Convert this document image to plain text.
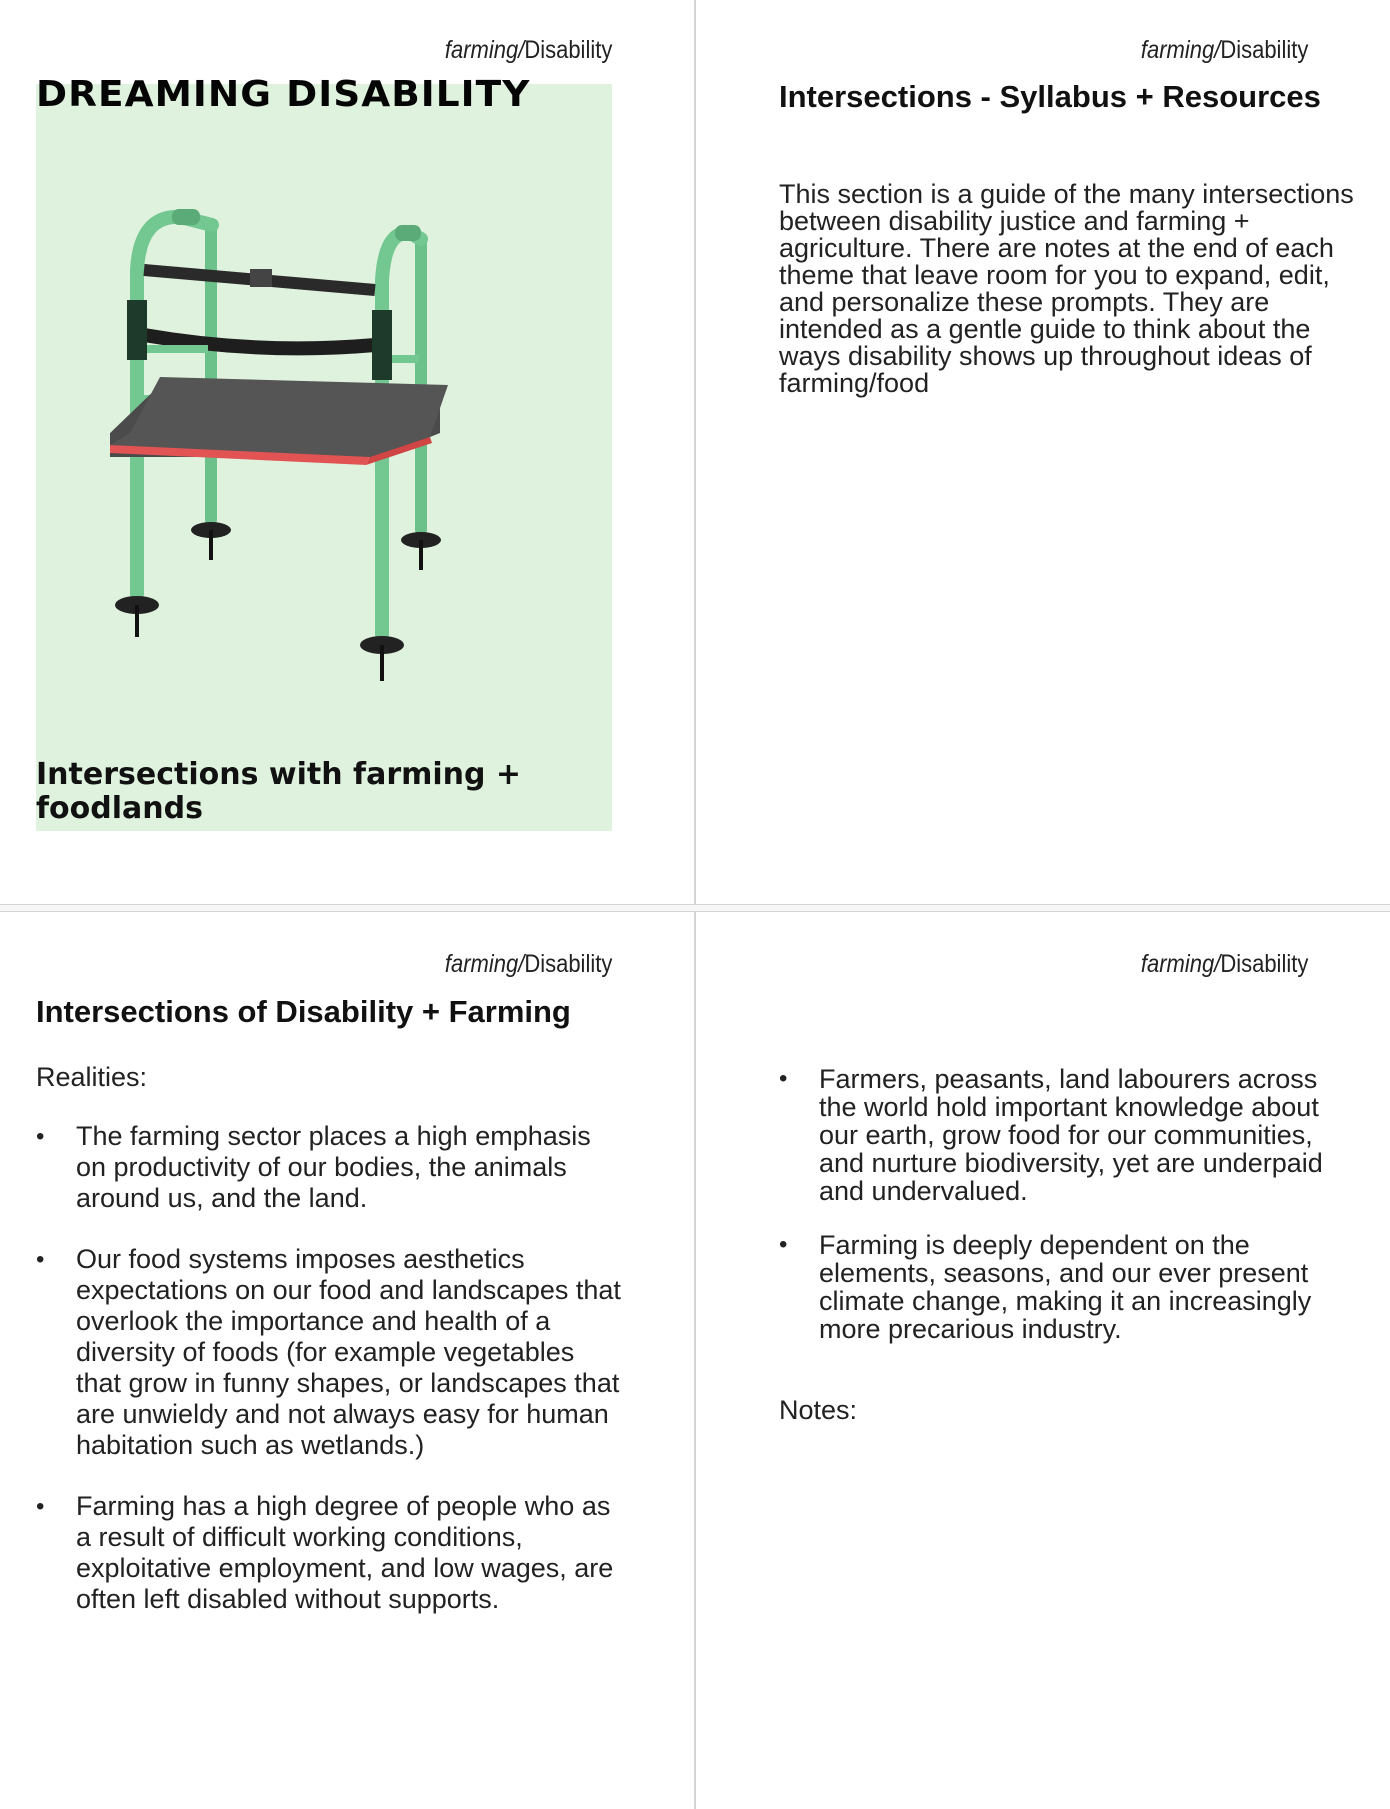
farming/Disability
DREAMING DISABILITY
Intersections with farming + foodlands
farming/Disability
Intersections - Syllabus + Resources
This section is a guide of the many intersections between disability justice and farming + agriculture. There are notes at the end of each theme that leave room for you to expand, edit, and personalize these prompts. They are intended as a gentle guide to think about the ways disability shows up throughout ideas of farming/food
farming/Disability
Intersections of Disability + Farming
Realities:
• The farming sector places a high emphasis on productivity of our bodies, the animals around us, and the land.
• Our food systems imposes aesthetics expectations on our food and landscapes that overlook the importance and health of a diversity of foods (for example vegetables that grow in funny shapes, or landscapes that are unwieldy and not always easy for human habitation such as wetlands.)
• Farming has a high degree of people who as a result of difficult working conditions, exploitative employment, and low wages, are often left disabled without supports.
farming/Disability
• Farmers, peasants, land labourers across the world hold important knowledge about our earth, grow food for our communities, and nurture biodiversity, yet are underpaid and undervalued.
• Farming is deeply dependent on the elements, seasons, and our ever present climate change, making it an increasingly more precarious industry.
Notes:
